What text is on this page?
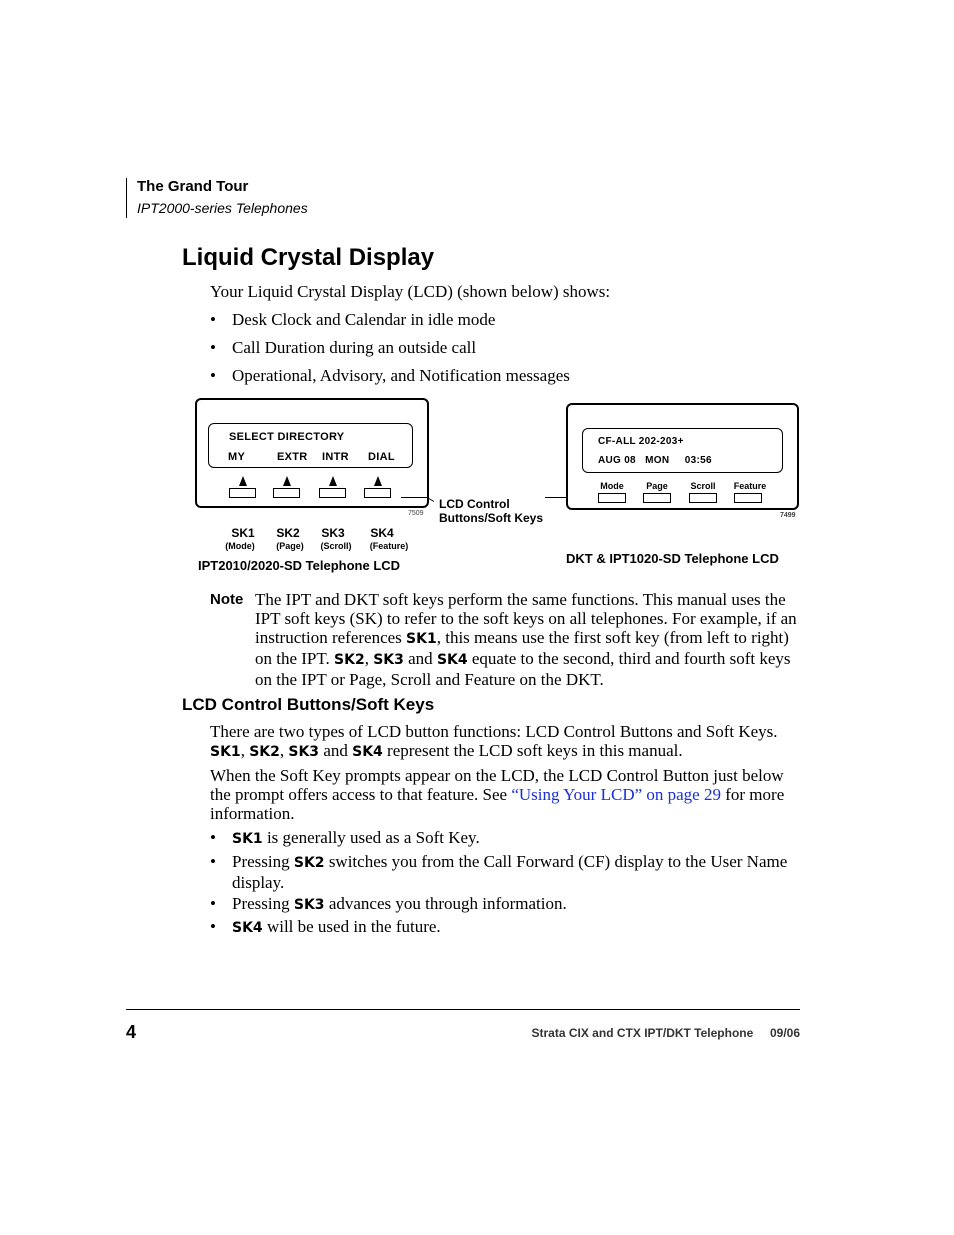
The Grand Tour
IPT2000-series Telephones
Liquid Crystal Display
Your Liquid Crystal Display (LCD) (shown below) shows:
• Desk Clock and Calendar in idle mode
• Call Duration during an outside call
• Operational, Advisory, and Notification messages
SELECT DIRECTORY
MY	EXTR INTR DIAL
7509
SK1	SK2	SK3	SK4
(Mode)	(Page)	(Scroll)	(Feature)
IPT2010/2020-SD Telephone LCD
LCD Control
Buttons/Soft Keys
CF-ALL 202-203+
AUG 08   MON     03:56
Mode	Page	Scroll	Feature
7499
DKT & IPT1020-SD Telephone LCD
Note The IPT and DKT soft keys perform the same functions. This manual uses the IPT soft keys (SK) to refer to the soft keys on all telephones. For example, if an instruction references SK1, this means use the first soft key (from left to right) on the IPT. SK2, SK3 and SK4 equate to the second, third and fourth soft keys on the IPT or Page, Scroll and Feature on the DKT.
LCD Control Buttons/Soft Keys
There are two types of LCD button functions: LCD Control Buttons and Soft Keys.
SK1, SK2, SK3 and SK4 represent the LCD soft keys in this manual.
When the Soft Key prompts appear on the LCD, the LCD Control Button just below the prompt offers access to that feature. See “Using Your LCD” on page 29 for more information.
• SK1 is generally used as a Soft Key.
• Pressing SK2 switches you from the Call Forward (CF) display to the User Name display.
• Pressing SK3 advances you through information.
• SK4 will be used in the future.
4	Strata CIX and CTX IPT/DKT Telephone     09/06
